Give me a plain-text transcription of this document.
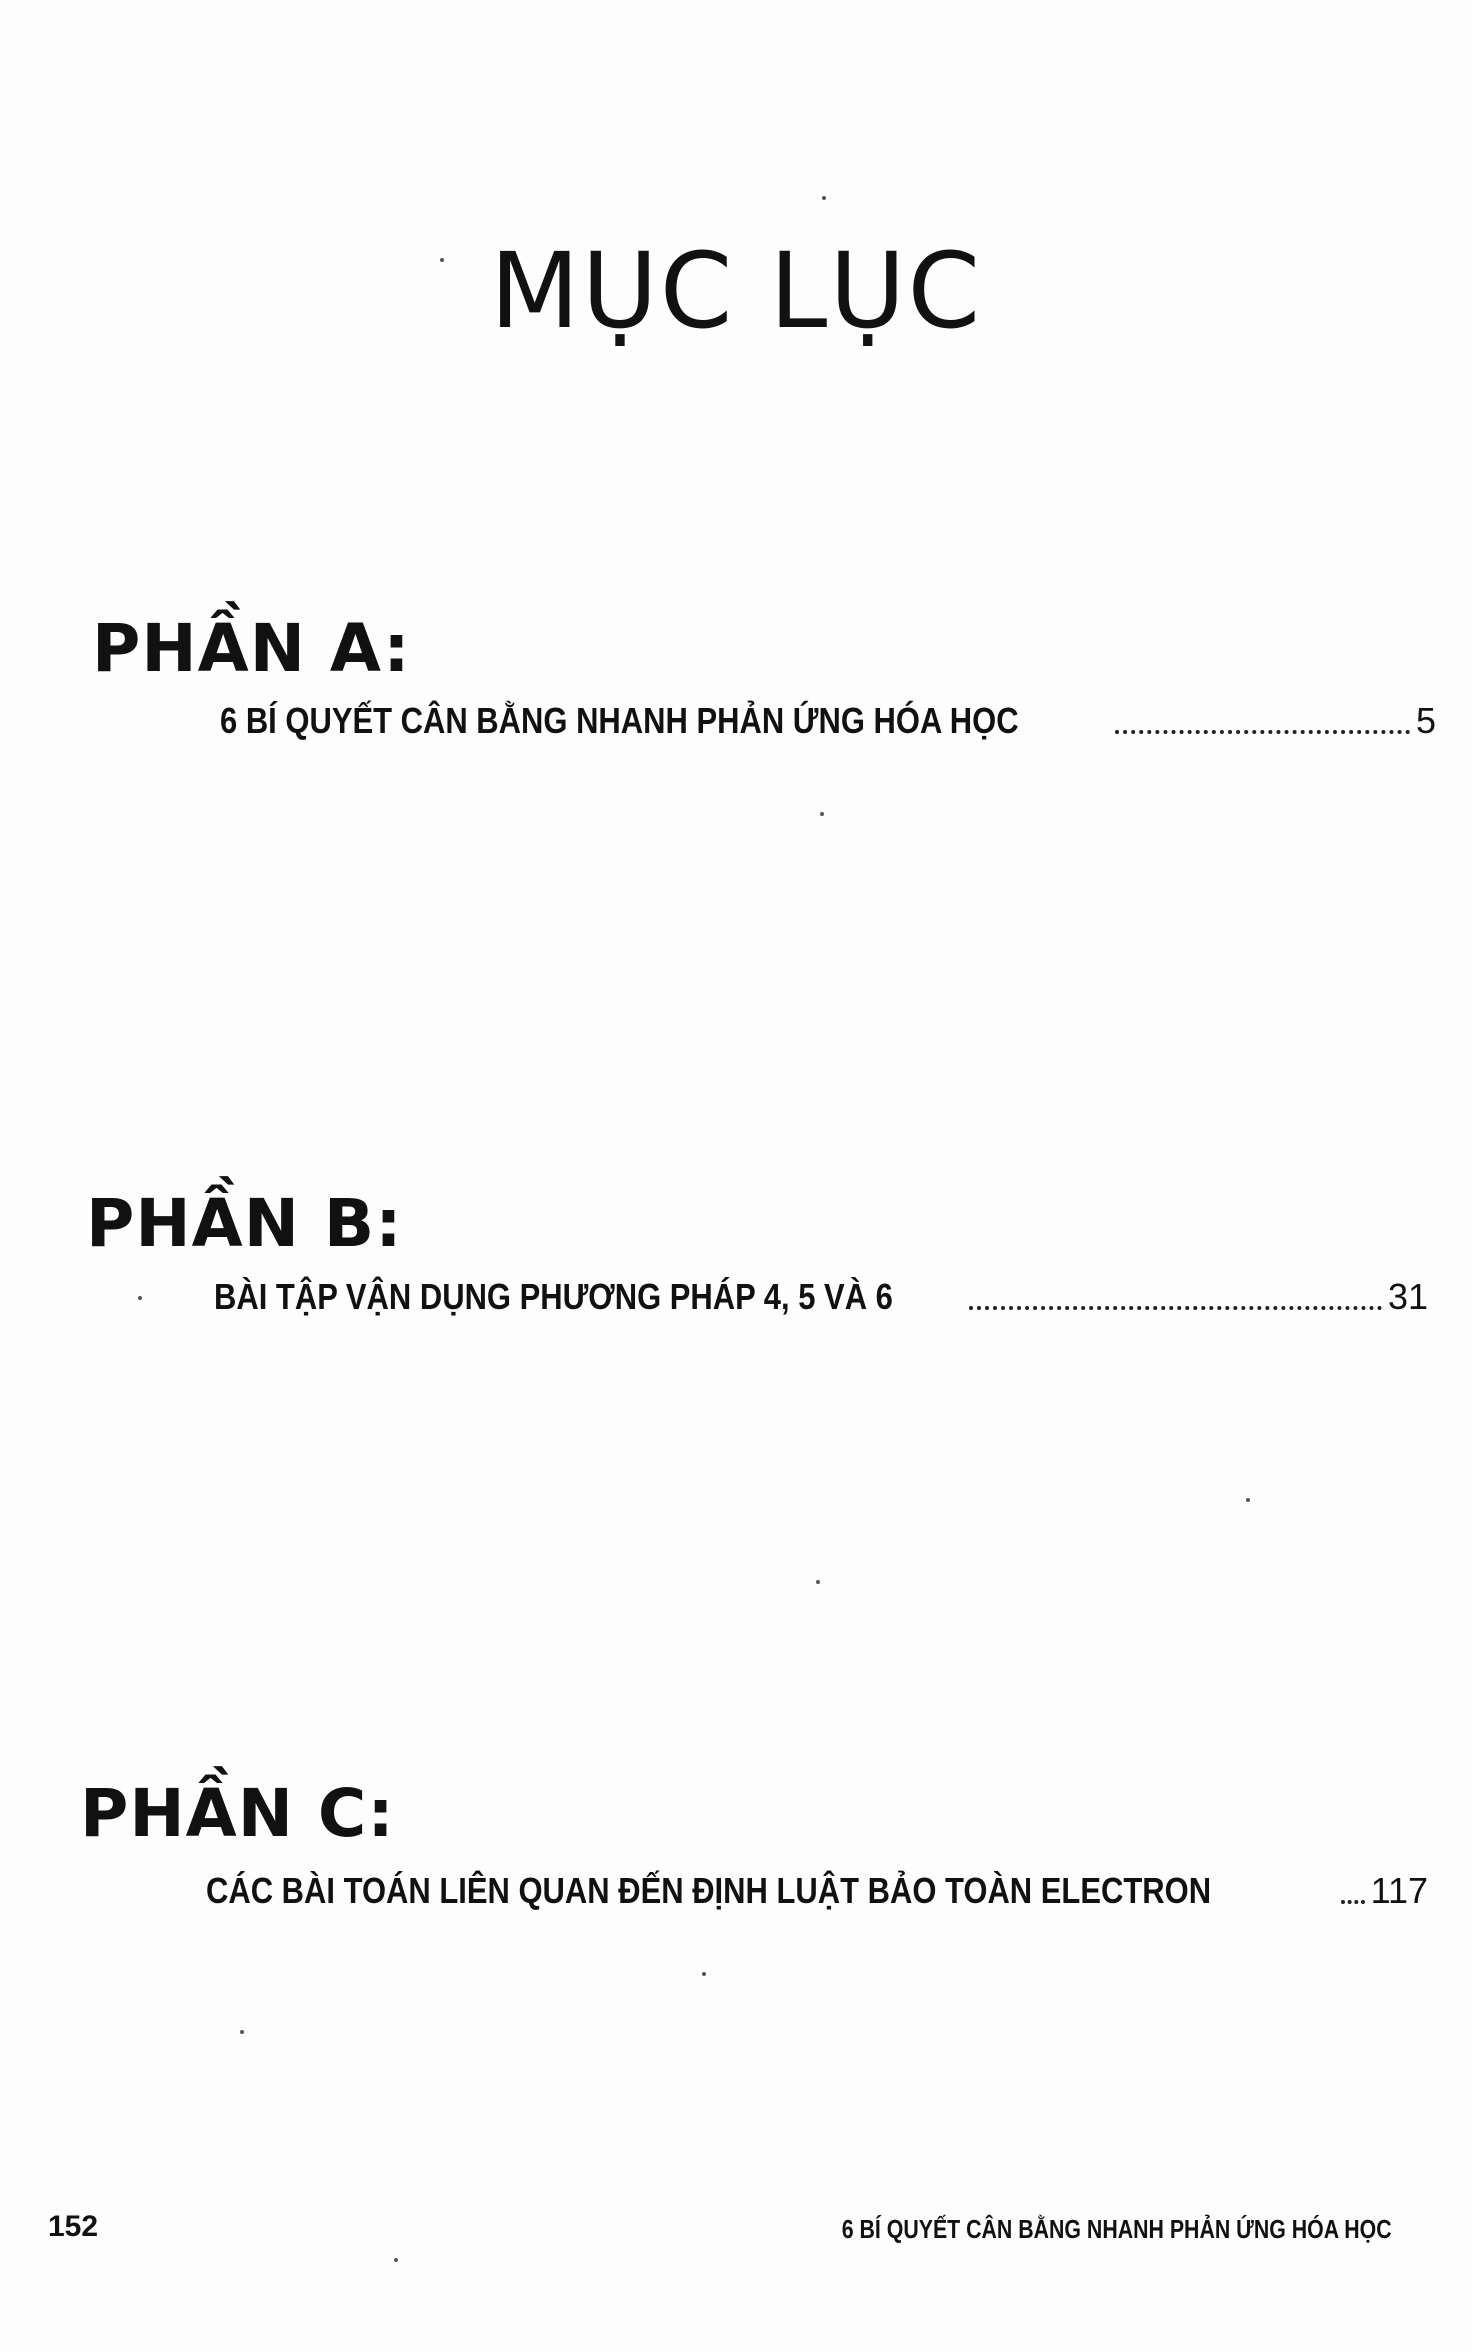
MỤC LỤC
PHẦN A:
6 BÍ QUYẾT CÂN BẰNG NHANH PHẢN ỨNG HÓA HỌC	5
PHẦN B:
BÀI TẬP VẬN DỤNG PHƯƠNG PHÁP 4, 5 VÀ 6	31
PHẦN C:
CÁC BÀI TOÁN LIÊN QUAN ĐẾN ĐỊNH LUẬT BẢO TOÀN ELECTRON	117
152	6 BÍ QUYẾT CÂN BẰNG NHANH PHẢN ỨNG HÓA HỌC
